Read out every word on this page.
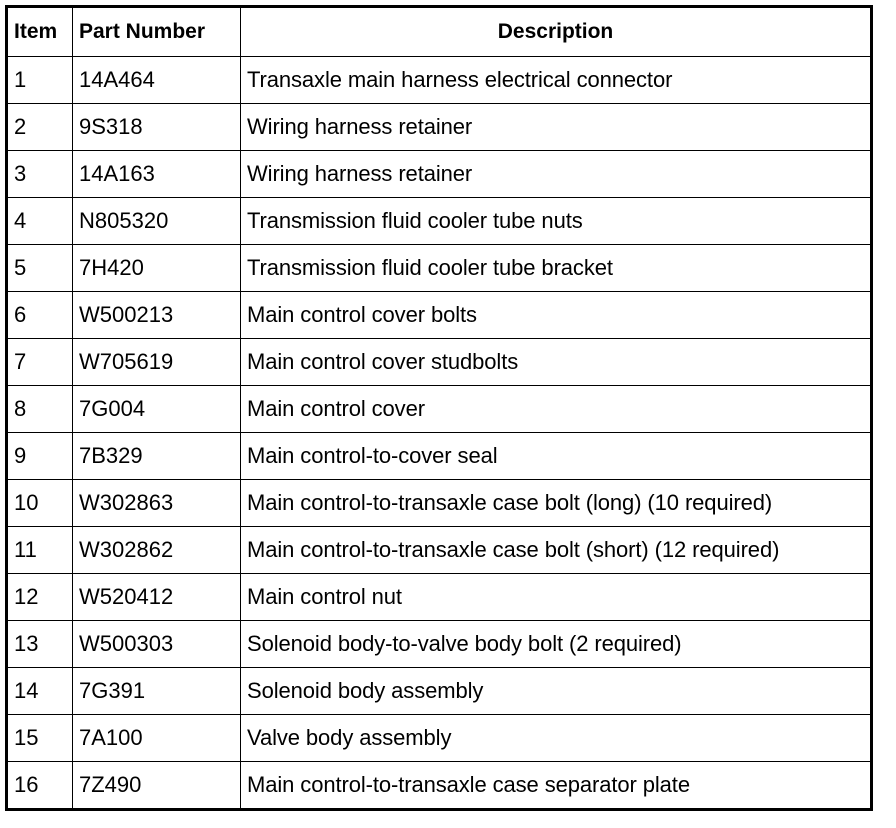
Item	Part Number	Description
1	14A464	Transaxle main harness electrical connector
2	9S318	Wiring harness retainer
3	14A163	Wiring harness retainer
4	N805320	Transmission fluid cooler tube nuts
5	7H420	Transmission fluid cooler tube bracket
6	W500213	Main control cover bolts
7	W705619	Main control cover studbolts
8	7G004	Main control cover
9	7B329	Main control-to-cover seal
10	W302863	Main control-to-transaxle case bolt (long) (10 required)
11	W302862	Main control-to-transaxle case bolt (short) (12 required)
12	W520412	Main control nut
13	W500303	Solenoid body-to-valve body bolt (2 required)
14	7G391	Solenoid body assembly
15	7A100	Valve body assembly
16	7Z490	Main control-to-transaxle case separator plate
